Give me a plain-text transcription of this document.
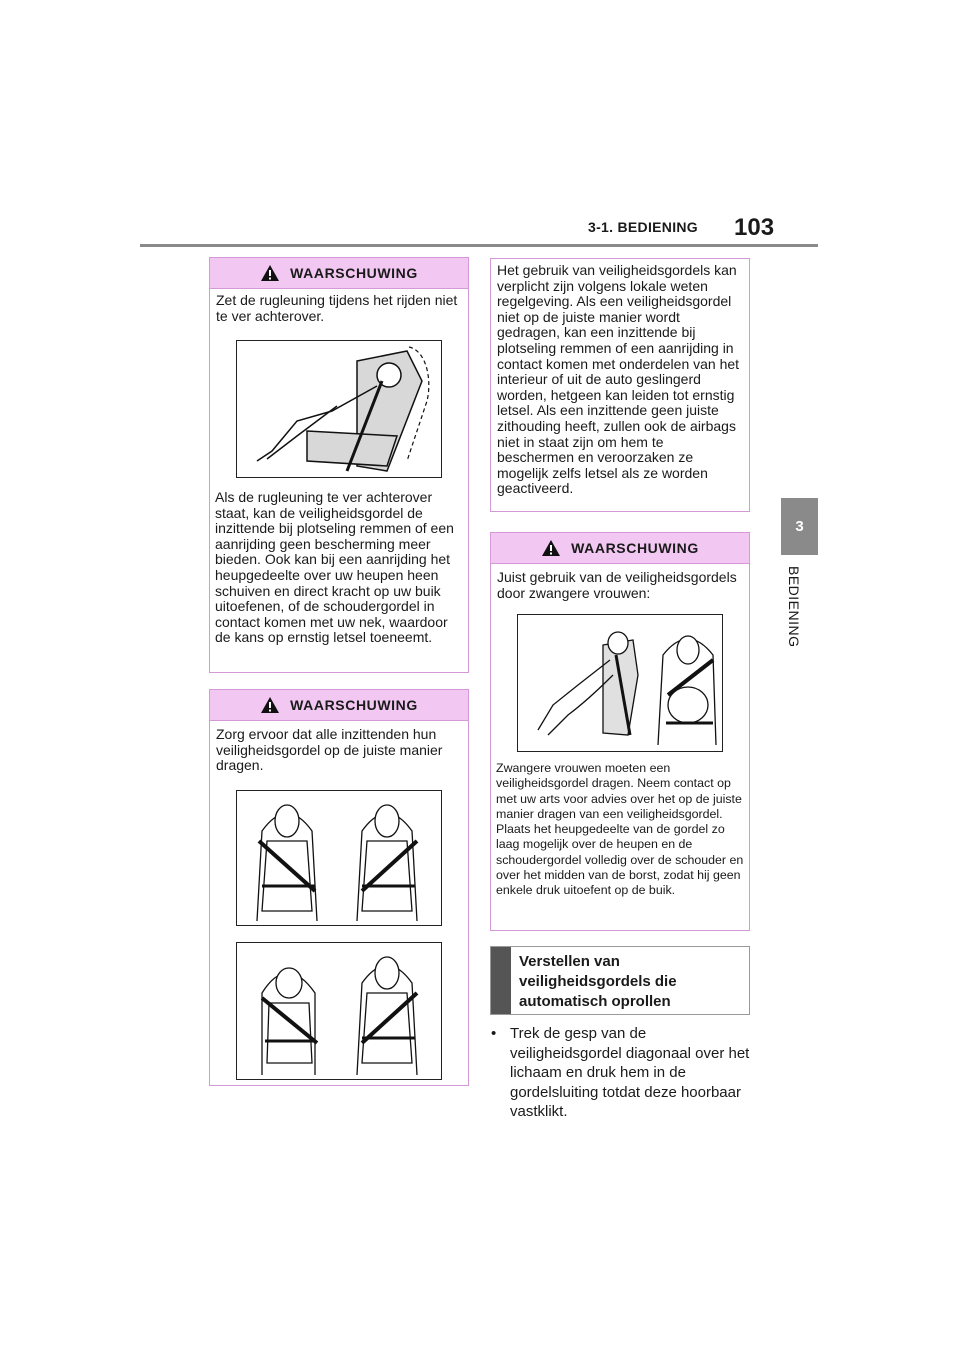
3-1. BEDIENING 103
3
BEDIENING
WAARSCHUWING
Zet de rugleuning tijdens het rijden niet te ver achterover.
Als de rugleuning te ver achterover staat, kan de veiligheidsgordel de inzittende bij plotseling remmen of een aanrijding geen bescherming meer bieden. Ook kan bij een aanrijding het heupgedeelte over uw heupen heen schuiven en direct kracht op uw buik uitoefenen, of de schoudergordel in contact komen met uw nek, waardoor de kans op ernstig letsel toeneemt.
WAARSCHUWING
Zorg ervoor dat alle inzittenden hun veiligheidsgordel op de juiste manier dragen.
Het gebruik van veiligheidsgordels kan verplicht zijn volgens lokale weten regelgeving. Als een veiligheidsgordel niet op de juiste manier wordt gedragen, kan een inzittende bij plotseling remmen of een aanrijding in contact komen met onderdelen van het interieur of uit de auto geslingerd worden, hetgeen kan leiden tot ernstig letsel. Als een inzittende geen juiste zithouding heeft, zullen ook de airbags niet in staat zijn om hem te beschermen en veroorzaken ze mogelijk zelfs letsel als ze worden geactiveerd.
WAARSCHUWING
Juist gebruik van de veiligheidsgordels door zwangere vrouwen:
Zwangere vrouwen moeten een veiligheidsgordel dragen. Neem contact op met uw arts voor advies over het op de juiste manier dragen van een veiligheidsgordel. Plaats het heupgedeelte van de gordel zo laag mogelijk over de heupen en de schoudergordel volledig over de schouder en over het midden van de borst, zodat hij geen enkele druk uitoefent op de buik.
Verstellen van veiligheidsgordels die automatisch oprollen
• Trek de gesp van de veiligheidsgordel diagonaal over het lichaam en druk hem in de gordelsluiting totdat deze hoorbaar vastklikt.
